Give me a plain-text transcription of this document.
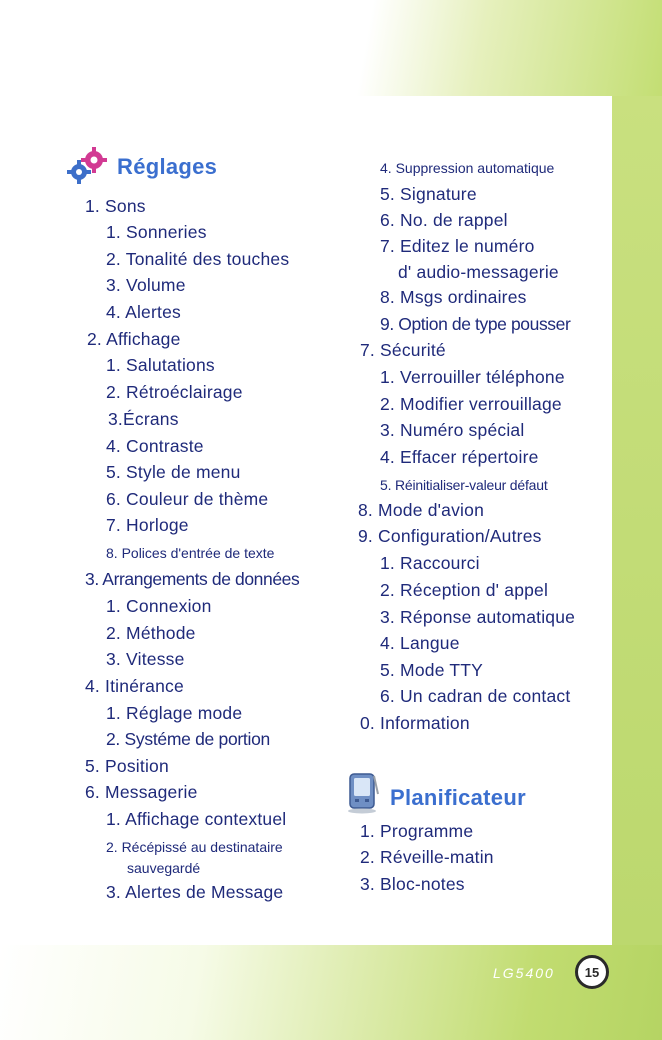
Réglages
1. Sons
1. Sonneries
2. Tonalité des touches
3. Volume
4. Alertes
2. Affichage
1. Salutations
2. Rétroéclairage
3.Écrans
4. Contraste
5. Style de menu
6. Couleur de thème
7. Horloge
8. Polices d'entrée de texte
3. Arrangements de données
1. Connexion
2. Méthode
3. Vitesse
4. Itinérance
1. Réglage mode
2. Systéme de portion
5. Position
6. Messagerie
1. Affichage contextuel
2. Récépissé au destinataire
sauvegardé
3. Alertes de Message
4. Suppression automatique
5. Signature
6. No. de rappel
7. Editez le numéro
d' audio-messagerie
8. Msgs ordinaires
9. Option de type pousser
7. Sécurité
1. Verrouiller téléphone
2. Modifier verrouillage
3. Numéro spécial
4. Effacer répertoire
5. Réinitialiser-valeur défaut
8. Mode d'avion
9. Configuration/Autres
1. Raccourci
2. Réception d' appel
3. Réponse automatique
4. Langue
5. Mode TTY
6. Un cadran de contact
0. Information
Planificateur
1. Programme
2. Réveille-matin
3. Bloc-notes
LG5400	15
